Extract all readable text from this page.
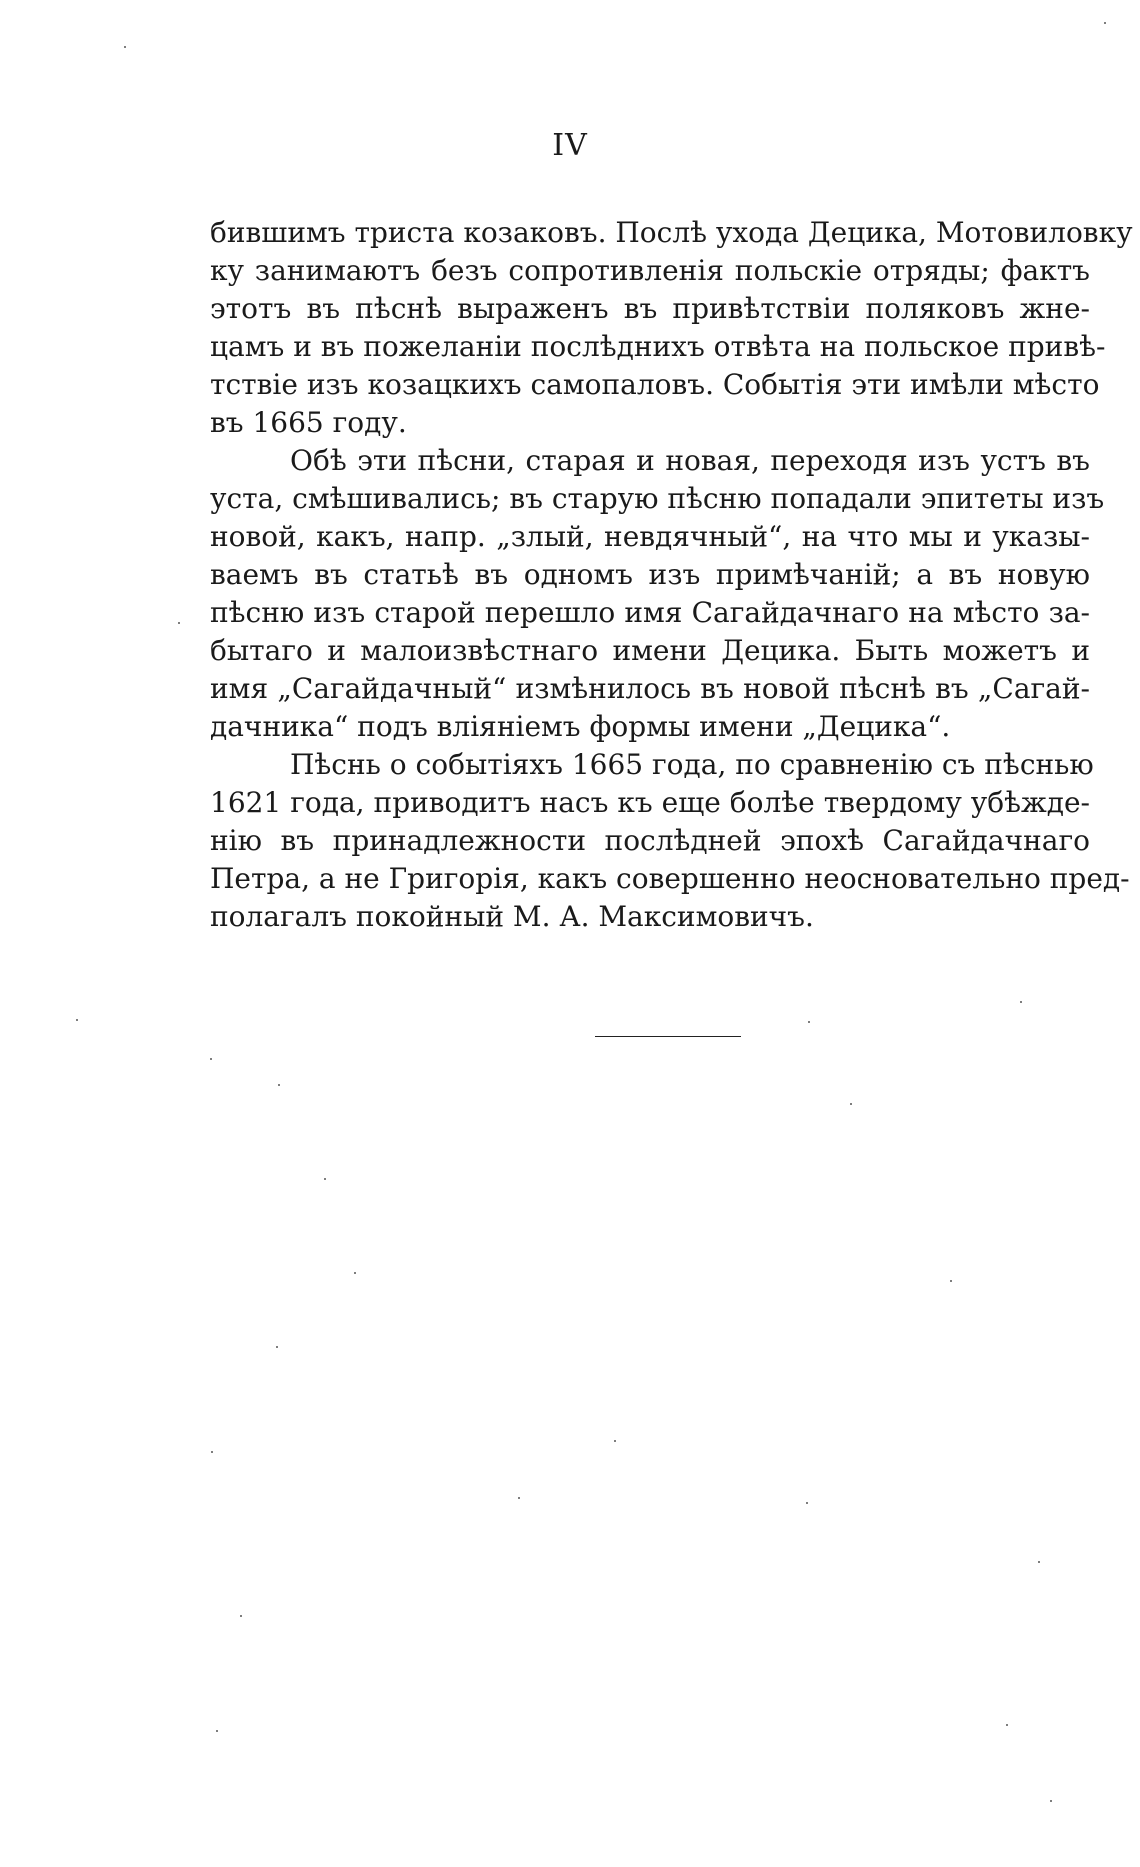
IV
бившимъ триста козаковъ. Послѣ ухода Децика, Мотовиловку
ку занимаютъ безъ сопротивленія польскіе отряды; фактъ
этотъ въ пѣснѣ выраженъ въ привѣтствіи поляковъ жне-
цамъ и въ пожеланіи послѣднихъ отвѣта на польское привѣ-
тствіе изъ козацкихъ самопаловъ. Событія эти имѣли мѣсто
въ 1665 году.
Обѣ эти пѣсни, старая и новая, переходя изъ устъ въ
уста, смѣшивались; въ старую пѣсню попадали эпитеты изъ
новой, какъ, напр. „злый, невдячный“, на что мы и указы-
ваемъ въ статьѣ въ одномъ изъ примѣчаній; а въ новую
пѣсню изъ старой перешло имя Сагайдачнаго на мѣсто за-
бытаго и малоизвѣстнаго имени Децика. Быть можетъ и
имя „Сагайдачный“ измѣнилось въ новой пѣснѣ въ „Сагай-
дачника“ подъ вліяніемъ формы имени „Децика“.
Пѣснь о событіяхъ 1665 года, по сравненію съ пѣснью
1621 года, приводитъ насъ къ еще болѣе твердому убѣжде-
нію въ принадлежности послѣдней эпохѣ Сагайдачнаго
Петра, а не Григорія, какъ совершенно неосновательно пред-
полагалъ покойный М. А. Максимовичъ.
